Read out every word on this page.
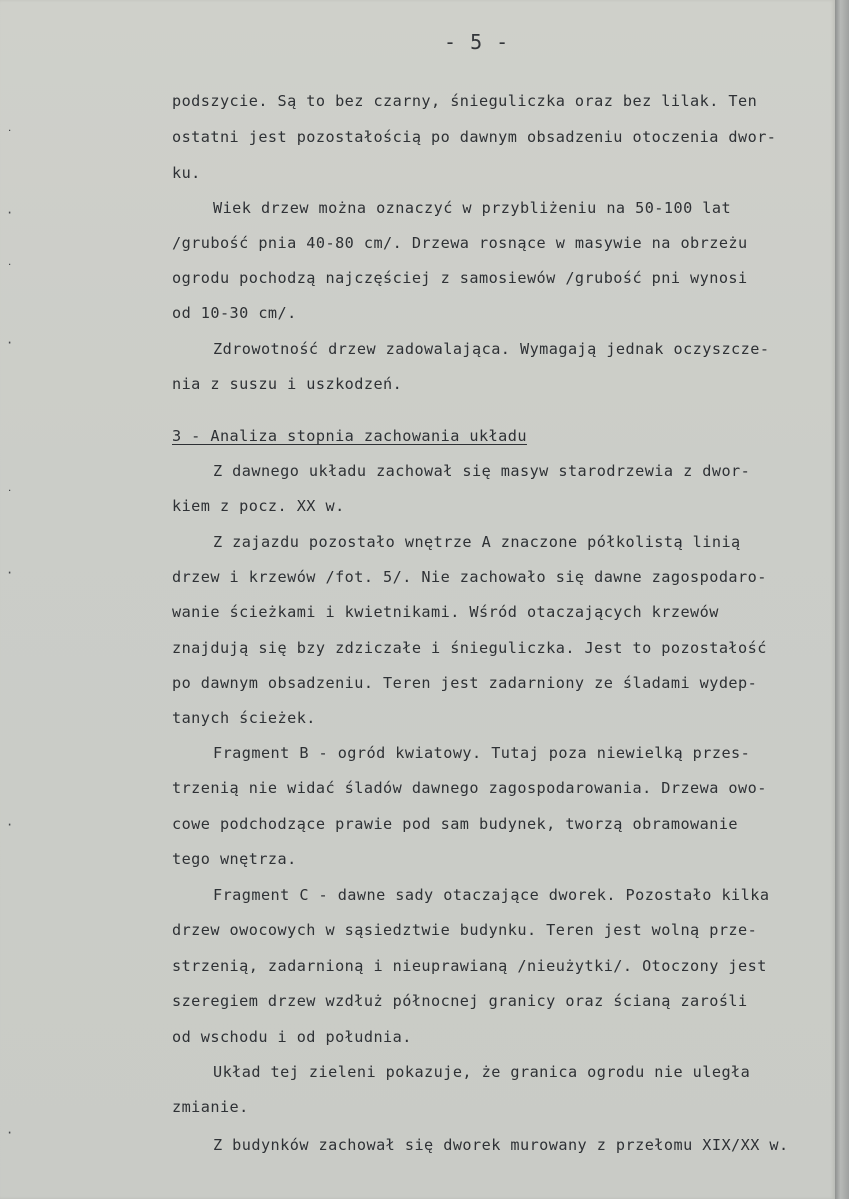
- 5 -
podszycie. Są to bez czarny, śnieguliczka oraz bez lilak. Ten
ostatni jest pozostałością po dawnym obsadzeniu otoczenia dwor-
ku.
Wiek drzew można oznaczyć w przybliżeniu na 50-100 lat
/grubość pnia 40-80 cm/. Drzewa rosnące w masywie na obrzeżu
ogrodu pochodzą najczęściej z samosiewów /grubość pni wynosi
od 10-30 cm/.
Zdrowotność drzew zadowalająca. Wymagają jednak oczyszcze-
nia z suszu i uszkodzeń.
3 - Analiza stopnia zachowania układu
Z dawnego układu zachował się masyw starodrzewia z dwor-
kiem z pocz. XX w.
Z zajazdu pozostało wnętrze A znaczone półkolistą linią
drzew i krzewów /fot. 5/. Nie zachowało się dawne zagospodaro-
wanie ścieżkami i kwietnikami. Wśród otaczających krzewów
znajdują się bzy zdziczałe i śnieguliczka. Jest to pozostałość
po dawnym obsadzeniu. Teren jest zadarniony ze śladami wydep-
tanych ścieżek.
Fragment B - ogród kwiatowy. Tutaj poza niewielką przes-
trzenią nie widać śladów dawnego zagospodarowania. Drzewa owo-
cowe podchodzące prawie pod sam budynek, tworzą obramowanie
tego wnętrza.
Fragment C - dawne sady otaczające dworek. Pozostało kilka
drzew owocowych w sąsiedztwie budynku. Teren jest wolną prze-
strzenią, zadarnioną i nieuprawianą /nieużytki/. Otoczony jest
szeregiem drzew wzdłuż północnej granicy oraz ścianą zarośli
od wschodu i od południa.
Układ tej zieleni pokazuje, że granica ogrodu nie uległa
zmianie.
Z budynków zachował się dworek murowany z przełomu XIX/XX w.
˙
·
˙
·
˙
·
·
·
